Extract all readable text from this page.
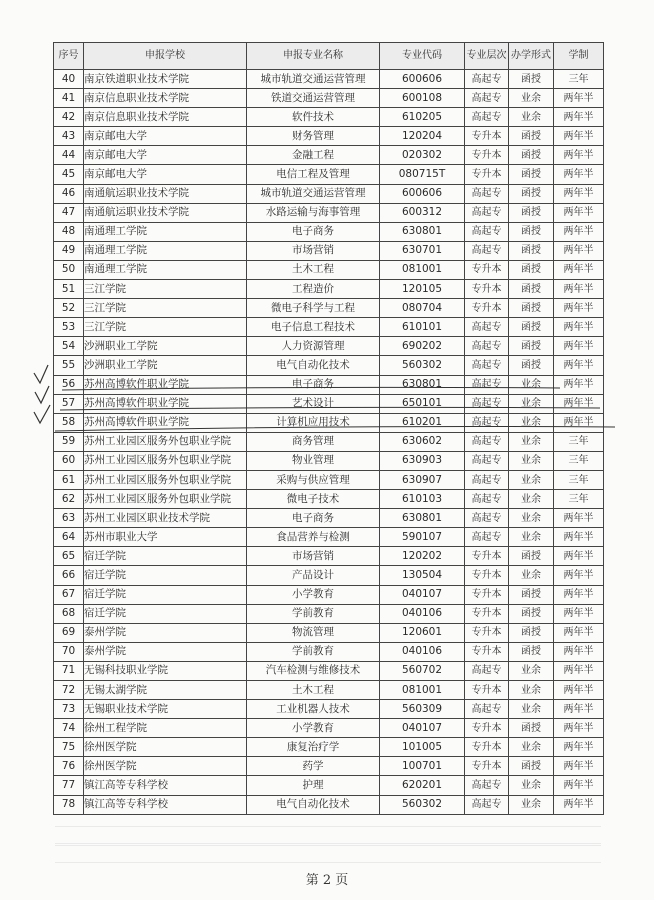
序号	申报学校	申报专业名称	专业代码	专业层次	办学形式	学制
40	南京铁道职业技术学院	城市轨道交通运营管理	600606	高起专	函授	三年
41	南京信息职业技术学院	铁道交通运营管理	600108	高起专	业余	两年半
42	南京信息职业技术学院	软件技术	610205	高起专	业余	两年半
43	南京邮电大学	财务管理	120204	专升本	函授	两年半
44	南京邮电大学	金融工程	020302	专升本	函授	两年半
45	南京邮电大学	电信工程及管理	080715T	专升本	函授	两年半
46	南通航运职业技术学院	城市轨道交通运营管理	600606	高起专	函授	两年半
47	南通航运职业技术学院	水路运输与海事管理	600312	高起专	函授	两年半
48	南通理工学院	电子商务	630801	高起专	函授	两年半
49	南通理工学院	市场营销	630701	高起专	函授	两年半
50	南通理工学院	土木工程	081001	专升本	函授	两年半
51	三江学院	工程造价	120105	专升本	函授	两年半
52	三江学院	微电子科学与工程	080704	专升本	函授	两年半
53	三江学院	电子信息工程技术	610101	高起专	函授	两年半
54	沙洲职业工学院	人力资源管理	690202	高起专	函授	两年半
55	沙洲职业工学院	电气自动化技术	560302	高起专	函授	两年半
56	苏州高博软件职业学院	电子商务	630801	高起专	业余	两年半
57	苏州高博软件职业学院	艺术设计	650101	高起专	业余	两年半
58	苏州高博软件职业学院	计算机应用技术	610201	高起专	业余	两年半
59	苏州工业园区服务外包职业学院	商务管理	630602	高起专	业余	三年
60	苏州工业园区服务外包职业学院	物业管理	630903	高起专	业余	三年
61	苏州工业园区服务外包职业学院	采购与供应管理	630907	高起专	业余	三年
62	苏州工业园区服务外包职业学院	微电子技术	610103	高起专	业余	三年
63	苏州工业园区职业技术学院	电子商务	630801	高起专	业余	两年半
64	苏州市职业大学	食品营养与检测	590107	高起专	业余	两年半
65	宿迁学院	市场营销	120202	专升本	函授	两年半
66	宿迁学院	产品设计	130504	专升本	业余	两年半
67	宿迁学院	小学教育	040107	专升本	函授	两年半
68	宿迁学院	学前教育	040106	专升本	函授	两年半
69	泰州学院	物流管理	120601	专升本	函授	两年半
70	泰州学院	学前教育	040106	专升本	函授	两年半
71	无锡科技职业学院	汽车检测与维修技术	560702	高起专	业余	两年半
72	无锡太湖学院	土木工程	081001	专升本	业余	两年半
73	无锡职业技术学院	工业机器人技术	560309	高起专	业余	两年半
74	徐州工程学院	小学教育	040107	专升本	函授	两年半
75	徐州医学院	康复治疗学	101005	专升本	业余	两年半
76	徐州医学院	药学	100701	专升本	函授	两年半
77	镇江高等专科学校	护理	620201	高起专	业余	两年半
78	镇江高等专科学校	电气自动化技术	560302	高起专	业余	两年半
第 2 页
